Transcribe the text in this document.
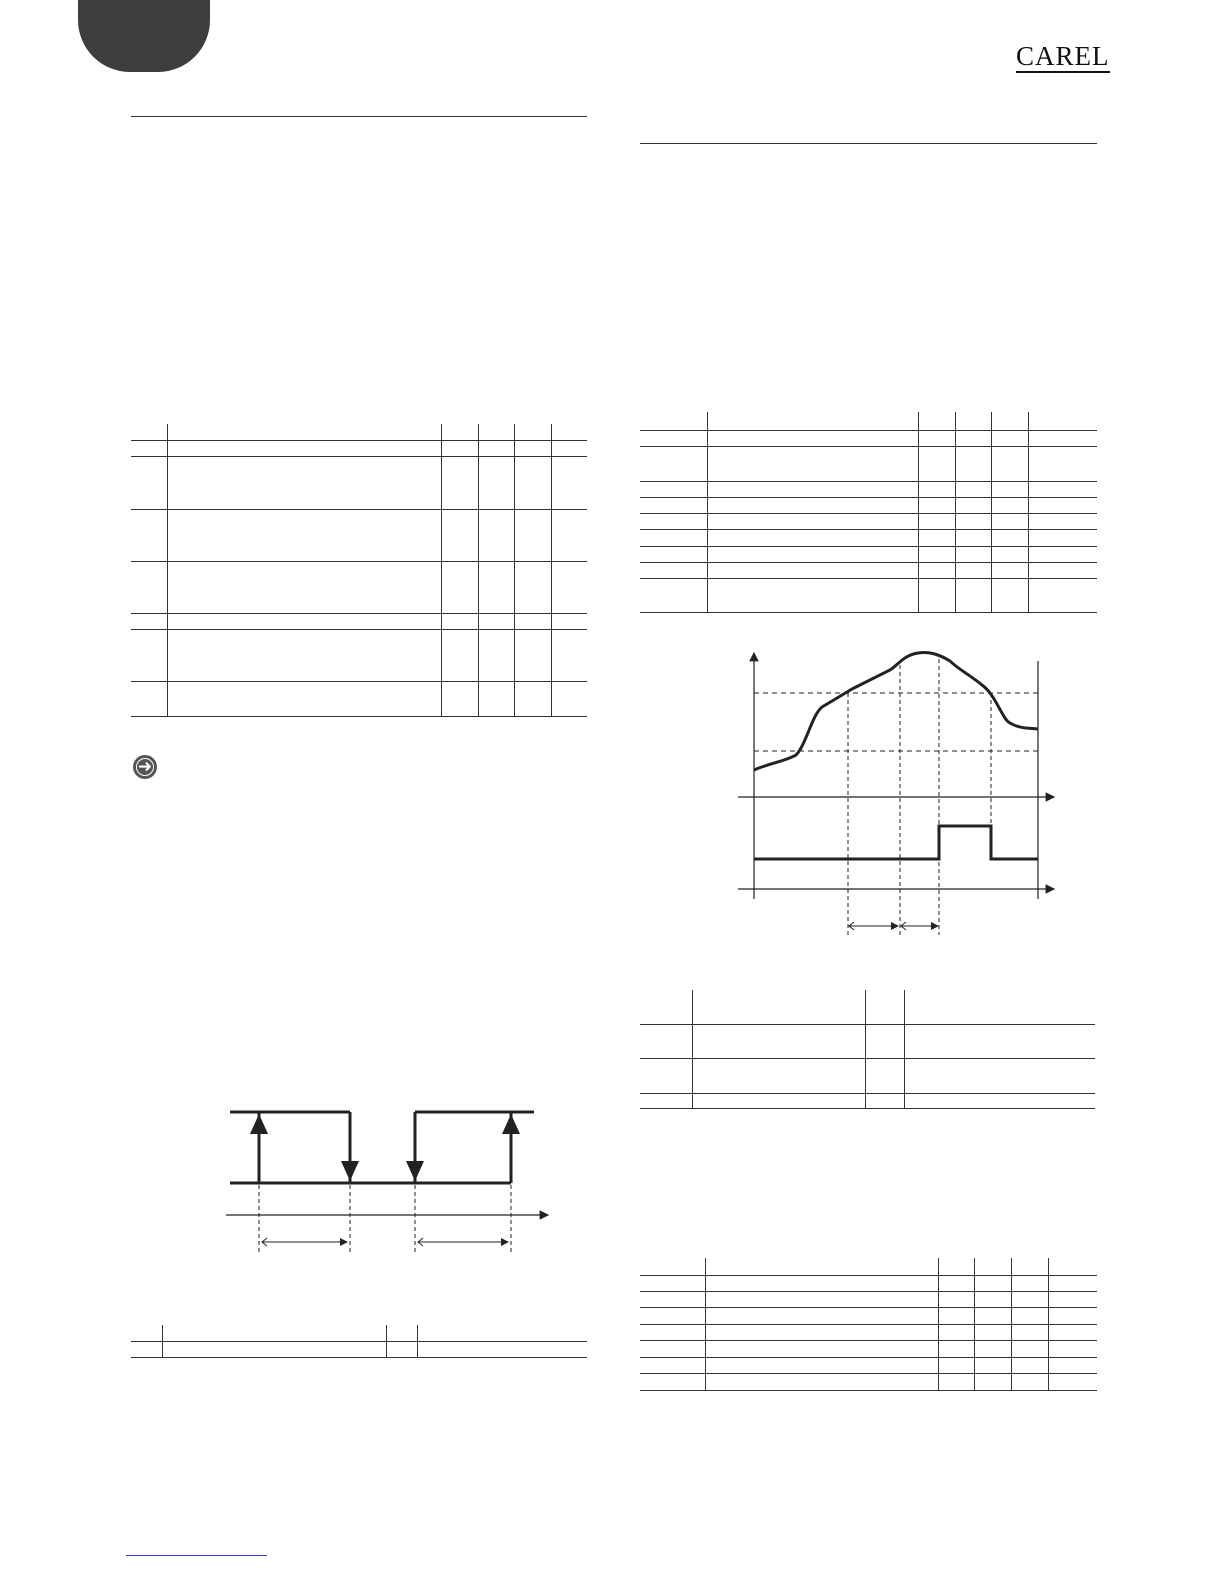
CAREL
➜
